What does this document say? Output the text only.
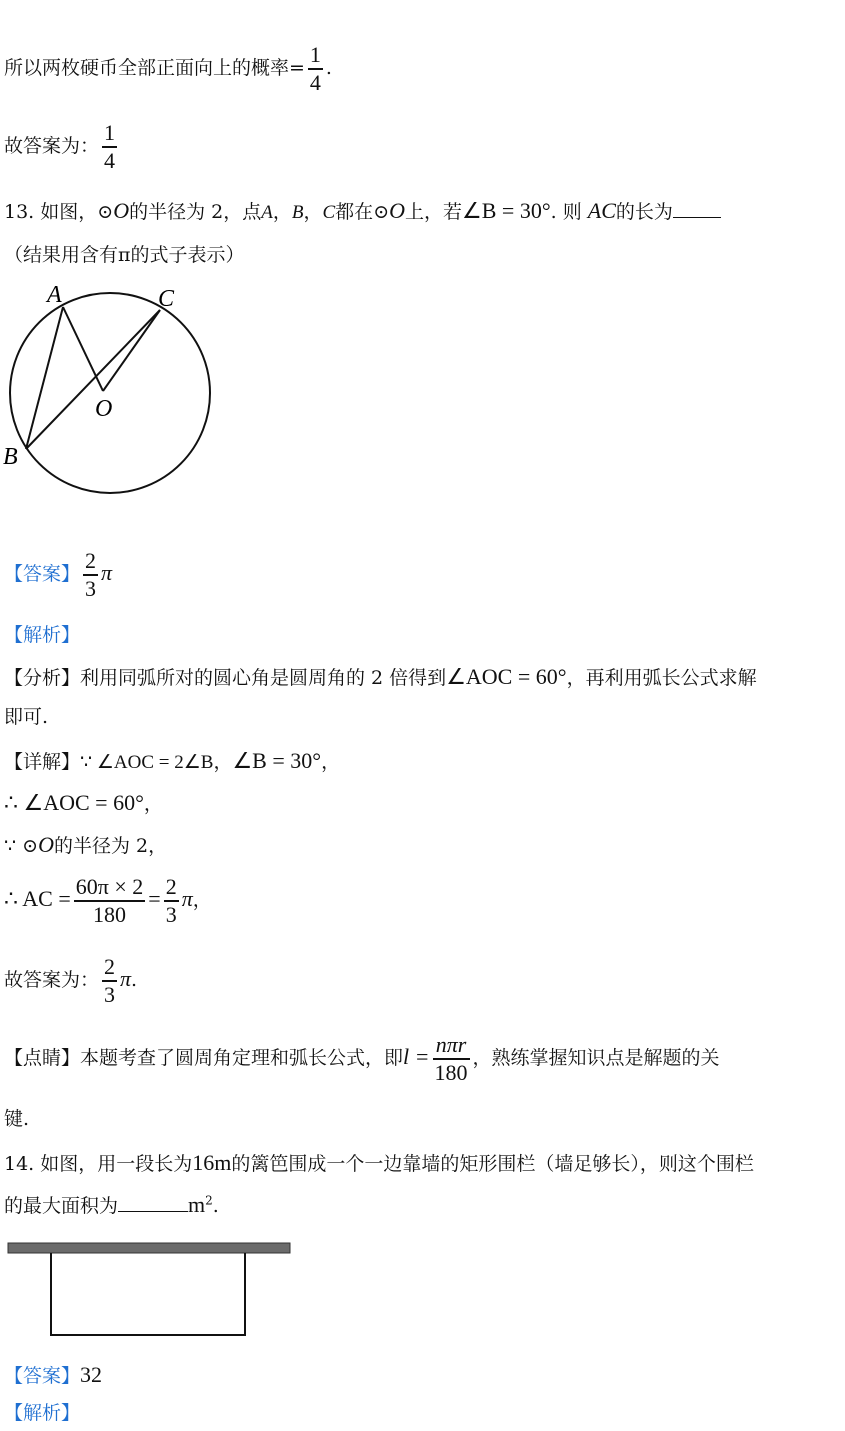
所以两枚硬币全部正面向上的概率= $\frac{1}{4}$ .
故答案为： $\frac{1}{4}$
13. 如图，⊙O的半径为 2，点A，B，C都在⊙O上，若∠B = 30°. 则 AC的长为
（结果用含有π的式子表示）
A	C
O
B
【答案】 $\frac{2}{3}$ π
【解析】
【分析】利用同弧所对的圆心角是圆周角的 2 倍得到∠AOC = 60°，再利用弧长公式求解
即可.
【详解】∵ ∠AOC = 2∠B，∠B = 30°，
∴ ∠AOC = 60°，
∵ ⊙O的半径为 2，
∴ AC = $\frac{60\pi \times 2}{180} = \frac{2}{3}$ π，
故答案为： $\frac{2}{3} \pi$.
【点睛】本题考查了圆周角定理和弧长公式，即$l = \frac{\text{nπr}}{180}$ ，熟练掌握知识点是解题的关
键.
14. 如图，用一段长为16m的篱笆围成一个一边靠墙的矩形围栏（墙足够长），则这个围栏
的最大面积为	$m^2$.
【答案】32
【解析】
